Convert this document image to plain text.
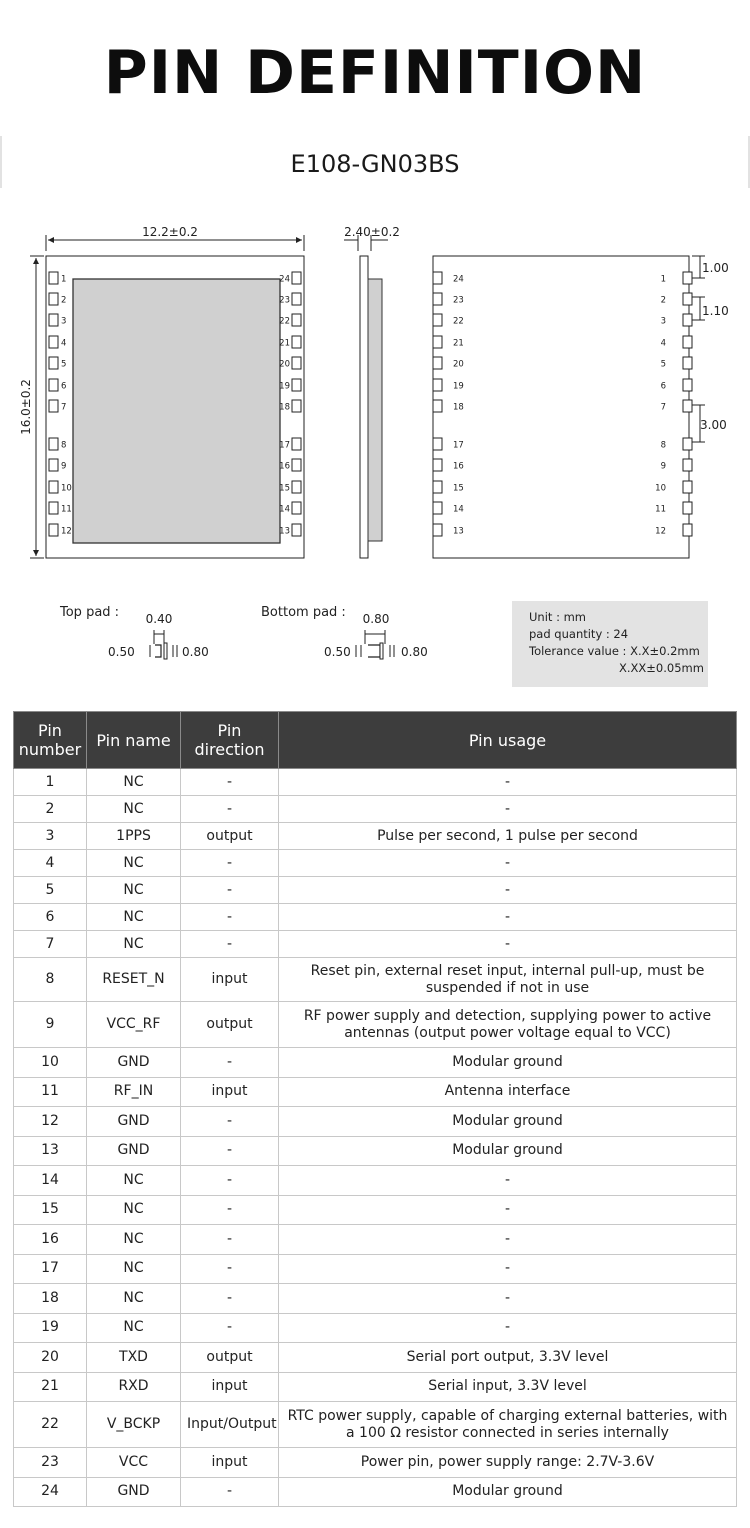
PIN DEFINITION
E108-GN03BS
1	1
2	2
3	3
4	4
5	5
6	6
7	7
8	8
9	9
10	10
11	11
12	12
24	24
23	23
22	22
21	21
20	20
19	19
18	18
17	17
16	16
15	15
14	14
13	13
12.2±0.2
16.0±0.2
2.40±0.2
1.00
1.10
3.00
Top pad : 0.40
0.50	0.80
Bottom pad : 0.80
0.50	0.80
Unit : mm
pad quantity : 24
Tolerance value : X.X±0.2mm
X.XX±0.05mm
Pin number	Pin name	Pin direction	Pin usage
1	NC	-	-
2	NC	-	-
3	1PPS	output	Pulse per second, 1 pulse per second
4	NC	-	-
5	NC	-	-
6	NC	-	-
7	NC	-	-
8	RESET_N	input	Reset pin, external reset input, internal pull-up, must be suspended if not in use
9	VCC_RF	output	RF power supply and detection, supplying power to active antennas (output power voltage equal to VCC)
10	GND	-	Modular ground
11	RF_IN	input	Antenna interface
12	GND	-	Modular ground
13	GND	-	Modular ground
14	NC	-	-
15	NC	-	-
16	NC	-	-
17	NC	-	-
18	NC	-	-
19	NC	-	-
20	TXD	output	Serial port output, 3.3V level
21	RXD	input	Serial input, 3.3V level
22	V_BCKP	Input/Output	RTC power supply, capable of charging external batteries, with a 100 Ω resistor connected in series internally
23	VCC	input	Power pin, power supply range: 2.7V-3.6V
24	GND	-	Modular ground
